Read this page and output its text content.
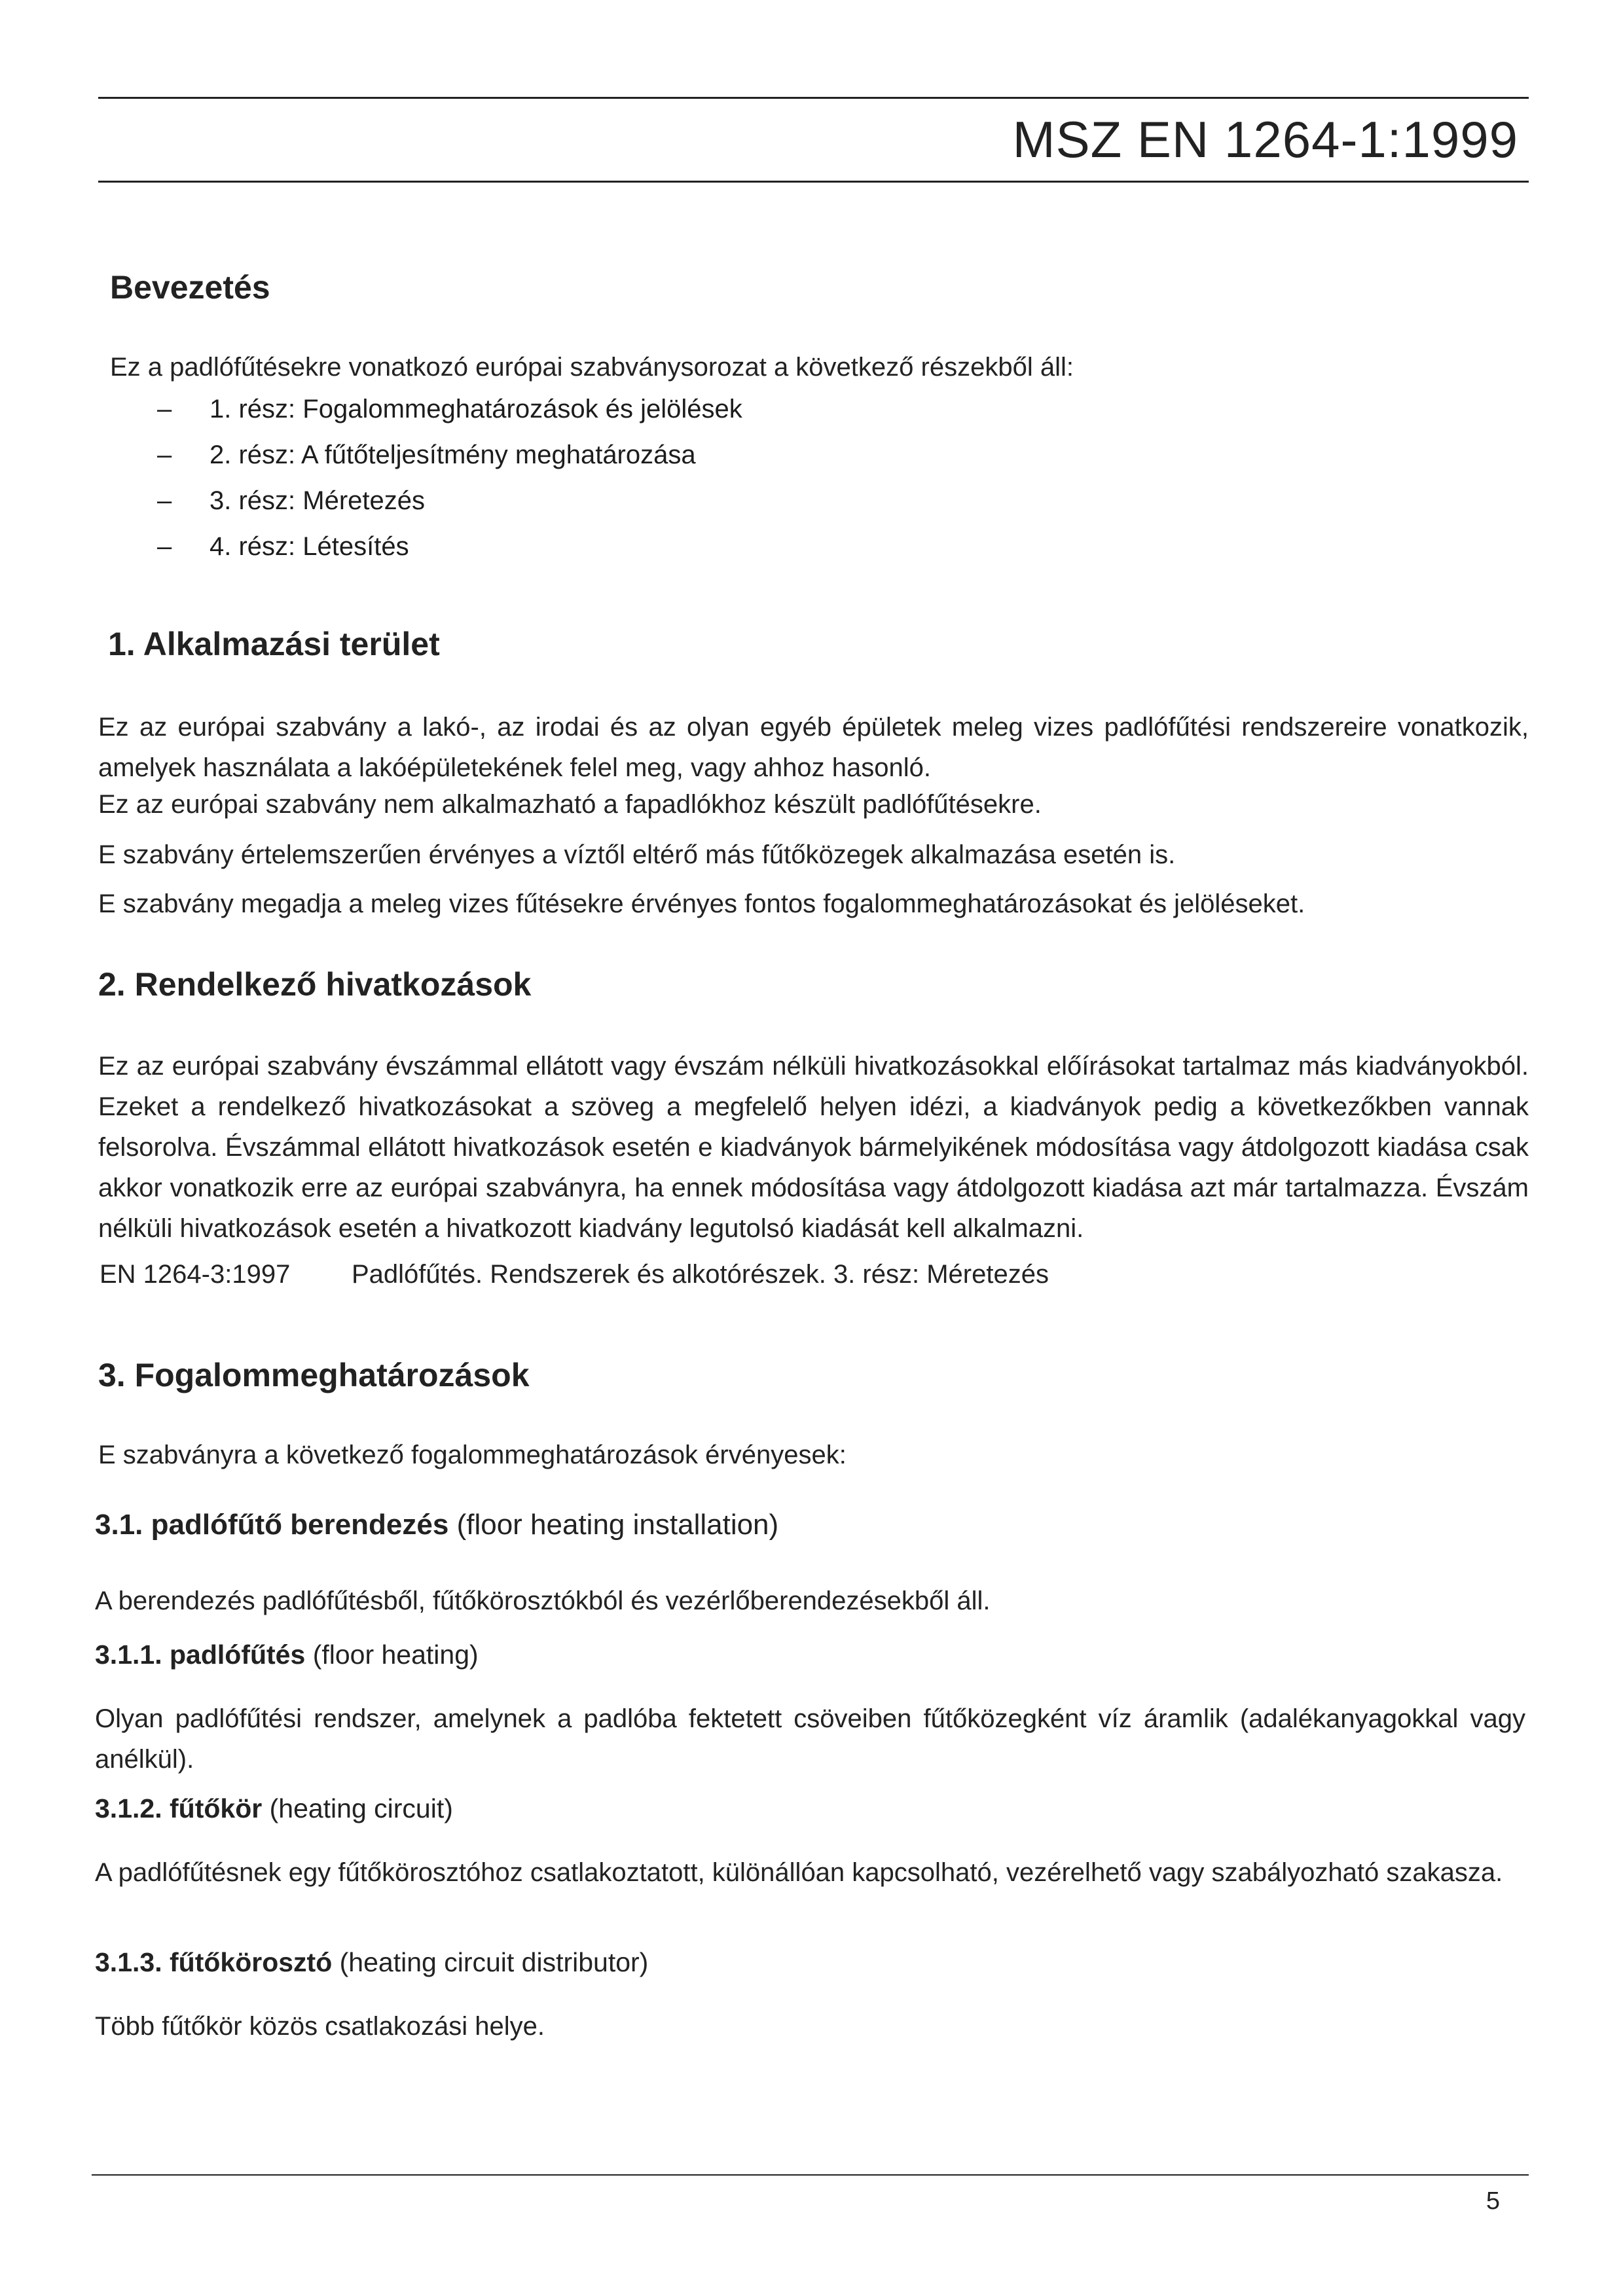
MSZ EN 1264-1:1999
Bevezetés
Ez a padlófűtésekre vonatkozó európai szabványsorozat a következő részekből áll:
– 1. rész: Fogalommeghatározások és jelölések
– 2. rész: A fűtőteljesítmény meghatározása
– 3. rész: Méretezés
– 4. rész: Létesítés
1. Alkalmazási terület
Ez az európai szabvány a lakó-, az irodai és az olyan egyéb épületek meleg vizes padlófűtési rendszereire vonatkozik, amelyek használata a lakóépületekének felel meg, vagy ahhoz hasonló.
Ez az európai szabvány nem alkalmazható a fapadlókhoz készült padlófűtésekre.
E szabvány értelemszerűen érvényes a víztől eltérő más fűtőközegek alkalmazása esetén is.
E szabvány megadja a meleg vizes fűtésekre érvényes fontos fogalommeghatározásokat és jelöléseket.
2. Rendelkező hivatkozások
Ez az európai szabvány évszámmal ellátott vagy évszám nélküli hivatkozásokkal előírásokat tartalmaz más kiadványokból. Ezeket a rendelkező hivatkozásokat a szöveg a megfelelő helyen idézi, a kiadványok pedig a következőkben vannak felsorolva. Évszámmal ellátott hivatkozások esetén e kiadványok bármelyikének módosítása vagy átdolgozott kiadása csak akkor vonatkozik erre az európai szabványra, ha ennek módosítása vagy átdolgozott kiadása azt már tartalmazza. Évszám nélküli hivatkozások esetén a hivatkozott kiadvány legutolsó kiadását kell alkalmazni.
EN 1264-3:1997 Padlófűtés. Rendszerek és alkotórészek. 3. rész: Méretezés
3. Fogalommeghatározások
E szabványra a következő fogalommeghatározások érvényesek:
3.1. padlófűtő berendezés (floor heating installation)
A berendezés padlófűtésből, fűtőkörosztókból és vezérlőberendezésekből áll.
3.1.1. padlófűtés (floor heating)
Olyan padlófűtési rendszer, amelynek a padlóba fektetett csöveiben fűtőközegként víz áramlik (adalékanyagokkal vagy anélkül).
3.1.2. fűtőkör (heating circuit)
A padlófűtésnek egy fűtőkörosztóhoz csatlakoztatott, különállóan kapcsolható, vezérelhető vagy szabályozható szakasza.
3.1.3. fűtőkörosztó (heating circuit distributor)
Több fűtőkör közös csatlakozási helye.
5
